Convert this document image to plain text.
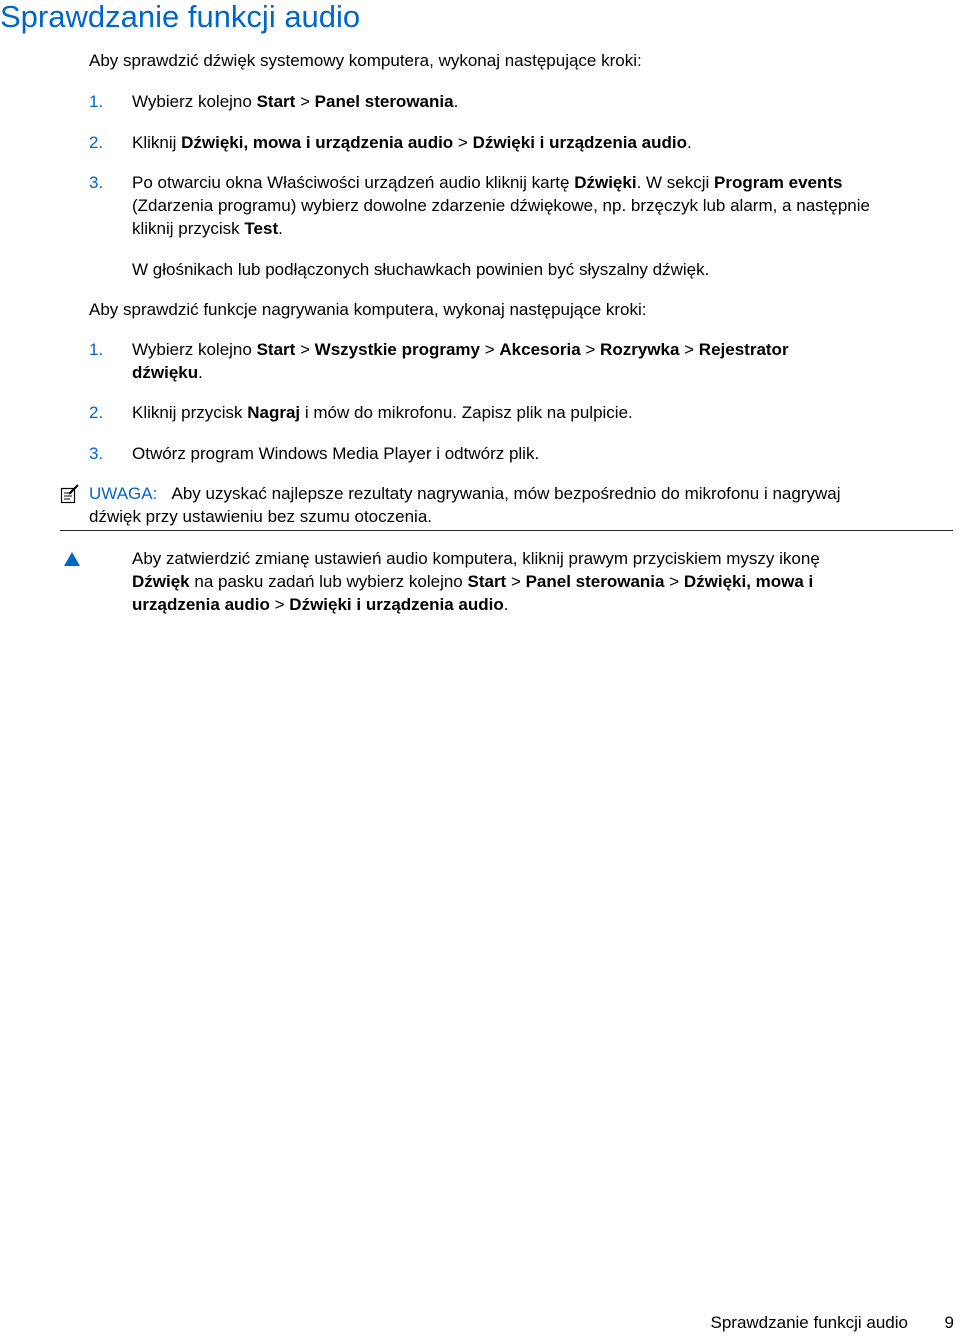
Sprawdzanie funkcji audio

Aby sprawdzić dźwięk systemowy komputera, wykonaj następujące kroki:

1. Wybierz kolejno Start > Panel sterowania.
2. Kliknij Dźwięki, mowa i urządzenia audio > Dźwięki i urządzenia audio.
3. Po otwarciu okna Właściwości urządzeń audio kliknij kartę Dźwięki. W sekcji Program events
(Zdarzenia programu) wybierz dowolne zdarzenie dźwiękowe, np. brzęczyk lub alarm, a następnie
kliknij przycisk Test.

W głośnikach lub podłączonych słuchawkach powinien być słyszalny dźwięk.

Aby sprawdzić funkcje nagrywania komputera, wykonaj następujące kroki:

1. Wybierz kolejno Start > Wszystkie programy > Akcesoria > Rozrywka > Rejestrator
dźwięku.
2. Kliknij przycisk Nagraj i mów do mikrofonu. Zapisz plik na pulpicie.
3. Otwórz program Windows Media Player i odtwórz plik.
UWAGA: Aby uzyskać najlepsze rezultaty nagrywania, mów bezpośrednio do mikrofonu i nagrywaj
dźwięk przy ustawieniu bez szumu otoczenia.
Aby zatwierdzić zmianę ustawień audio komputera, kliknij prawym przyciskiem myszy ikonę
Dźwięk na pasku zadań lub wybierz kolejno Start > Panel sterowania > Dźwięki, mowa i
urządzenia audio > Dźwięki i urządzenia audio.
Sprawdzanie funkcji audio 9
